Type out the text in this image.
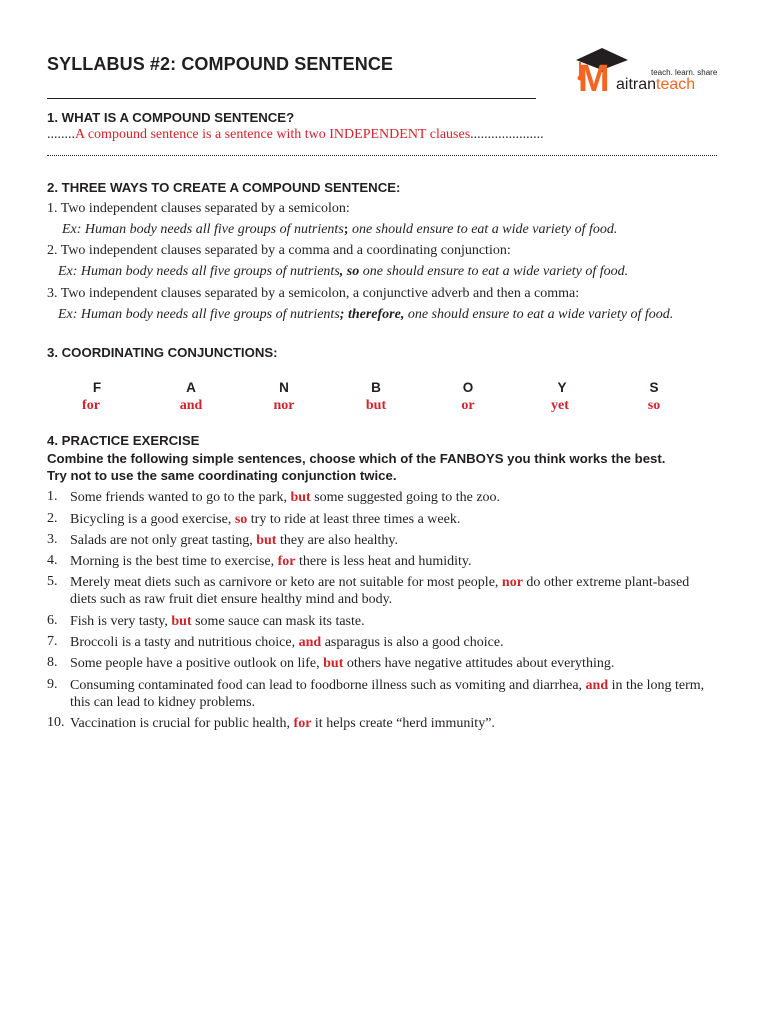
SYLLABUS #2: COMPOUND SENTENCE	M	teach. learn. share
aitranteach
1. WHAT IS A COMPOUND SENTENCE?
........A compound sentence is a sentence with two INDEPENDENT clauses.....................
2. THREE WAYS TO CREATE A COMPOUND SENTENCE:
1. Two independent clauses separated by a semicolon:
Ex: Human body needs all five groups of nutrients; one should ensure to eat a wide variety of food.
2. Two independent clauses separated by a comma and a coordinating conjunction:
Ex: Human body needs all five groups of nutrients, so one should ensure to eat a wide variety of food.
3. Two independent clauses separated by a semicolon, a conjunctive adverb and then a comma:
Ex: Human body needs all five groups of nutrients; therefore, one should ensure to eat a wide variety of food.
3. COORDINATING CONJUNCTIONS:
F	A	N	B	O	Y	S
for	and	nor	but	or	yet	so
4. PRACTICE EXERCISE
Combine the following simple sentences, choose which of the FANBOYS you think works the best.
Try not to use the same coordinating conjunction twice.
1. Some friends wanted to go to the park, but some suggested going to the zoo.
2. Bicycling is a good exercise, so try to ride at least three times a week.
3. Salads are not only great tasting, but they are also healthy.
4. Morning is the best time to exercise, for there is less heat and humidity.
5. Merely meat diets such as carnivore or keto are not suitable for most people, nor do other extreme plant-based diets such as raw fruit diet ensure healthy mind and body.
6. Fish is very tasty, but some sauce can mask its taste.
7. Broccoli is a tasty and nutritious choice, and asparagus is also a good choice.
8. Some people have a positive outlook on life, but others have negative attitudes about everything.
9. Consuming contaminated food can lead to foodborne illness such as vomiting and diarrhea, and in the long term, this can lead to kidney problems.
10. Vaccination is crucial for public health, for it helps create “herd immunity”.
